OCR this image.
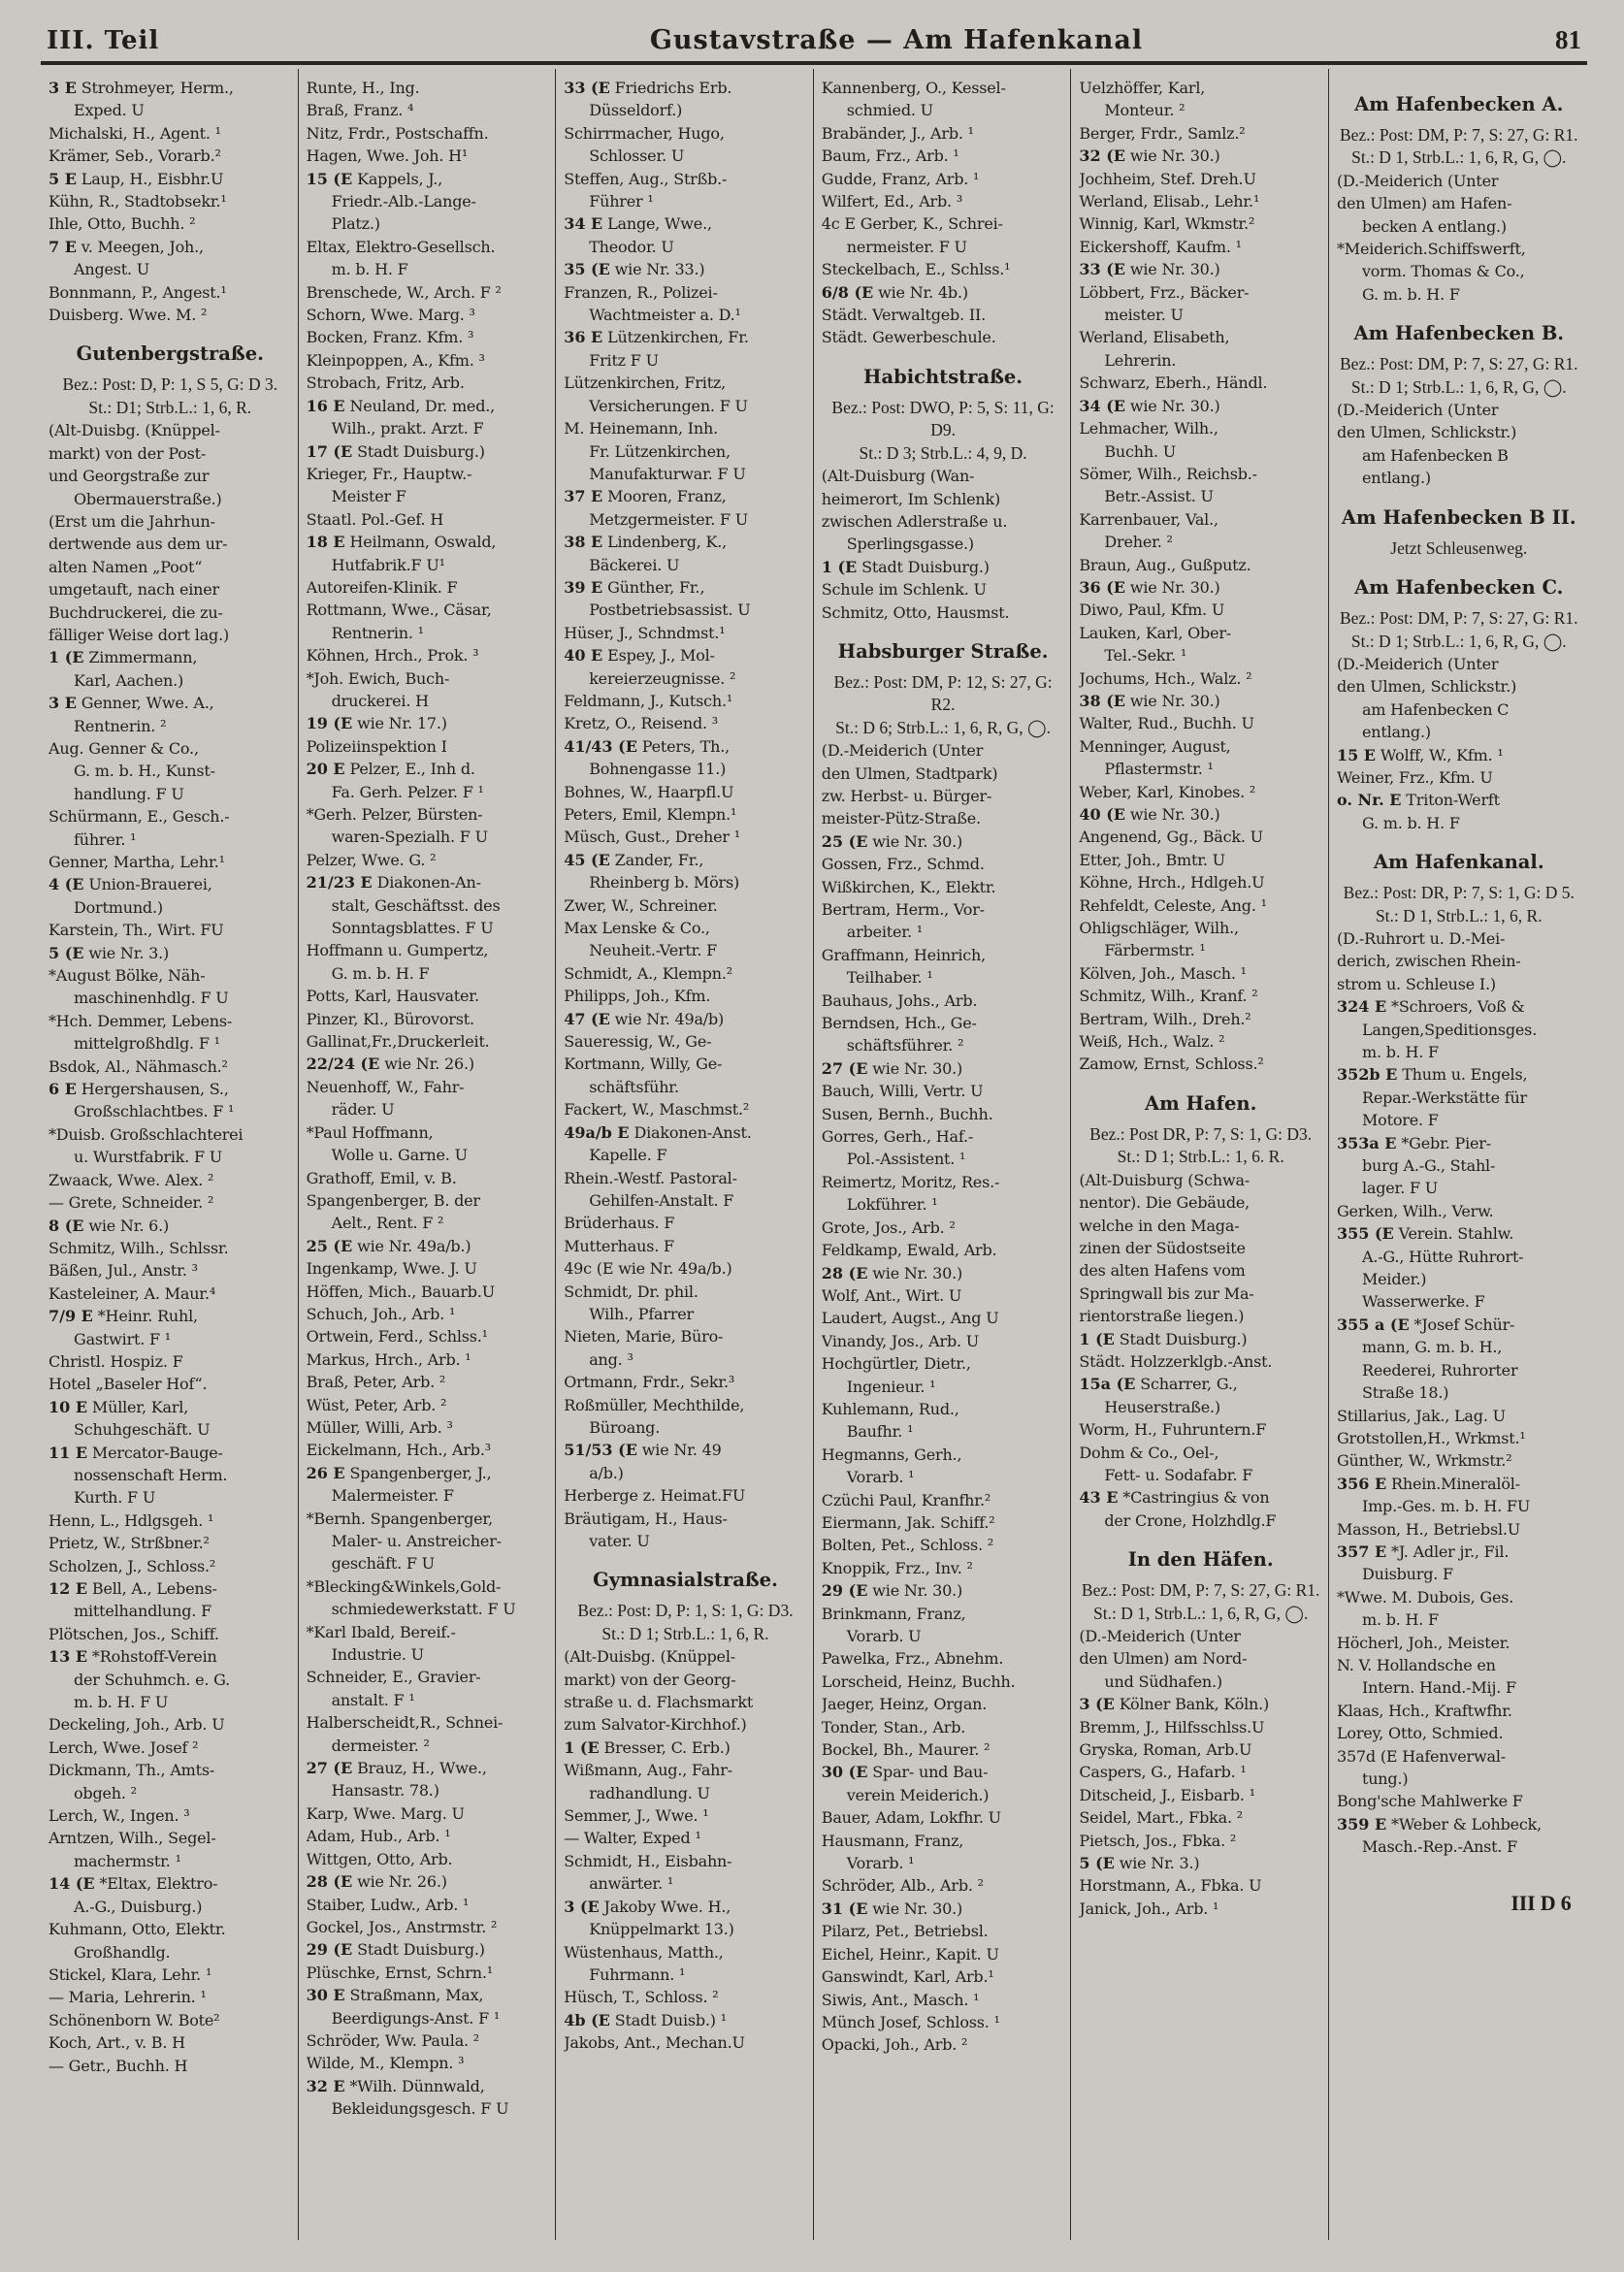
III. Teil	Gustavstraße — Am Hafenkanal	81
3 E Strohmeyer, Herm.,
Exped. U
Michalski, H., Agent. ¹
Krämer, Seb., Vorarb.²
5 E Laup, H., Eisbhr.U
Kühn, R., Stadtobsekr.¹
Ihle, Otto, Buchh. ²
7 E v. Meegen, Joh.,
Angest. U
Bonnmann, P., Angest.¹
Duisberg. Wwe. M. ²
Gutenbergstraße.
Bez.: Post: D, P: 1, S 5, G: D 3.
St.: D1; Strb.L.: 1, 6, R.
(Alt-Duisbg. (Knüppel-
markt) von der Post-
und Georgstraße zur
Obermauerstraße.)
(Erst um die Jahrhun-
dertwende aus dem ur-
alten Namen „Poot“
umgetauft, nach einer
Buchdruckerei, die zu-
fälliger Weise dort lag.)
1 (E Zimmermann,
Karl, Aachen.)
3 E Genner, Wwe. A.,
Rentnerin. ²
Aug. Genner & Co.,
G. m. b. H., Kunst-
handlung. F U
Schürmann, E., Gesch.-
führer. ¹
Genner, Martha, Lehr.¹
4 (E Union-Brauerei,
Dortmund.)
Karstein, Th., Wirt. FU
5 (E wie Nr. 3.)
*August Bölke, Näh-
maschinenhdlg. F U
*Hch. Demmer, Lebens-
mittelgroßhdlg. F ¹
Bsdok, Al., Nähmasch.²
6 E Hergershausen, S.,
Großschlachtbes. F ¹
*Duisb. Großschlachterei
u. Wurstfabrik. F U
Zwaack, Wwe. Alex. ²
— Grete, Schneider. ²
8 (E wie Nr. 6.)
Schmitz, Wilh., Schlssr.
Bäßen, Jul., Anstr. ³
Kasteleiner, A. Maur.⁴
7/9 E *Heinr. Ruhl,
Gastwirt. F ¹
Christl. Hospiz. F
Hotel „Baseler Hof“.
10 E Müller, Karl,
Schuhgeschäft. U
11 E Mercator-Bauge-
nossenschaft Herm.
Kurth. F U
Henn, L., Hdlgsgeh. ¹
Prietz, W., Strßbner.²
Scholzen, J., Schloss.²
12 E Bell, A., Lebens-
mittelhandlung. F
Plötschen, Jos., Schiff.
13 E *Rohstoff-Verein
der Schuhmch. e. G.
m. b. H. F U
Deckeling, Joh., Arb. U
Lerch, Wwe. Josef ²
Dickmann, Th., Amts-
obgeh. ²
Lerch, W., Ingen. ³
Arntzen, Wilh., Segel-
machermstr. ¹
14 (E *Eltax, Elektro-
A.-G., Duisburg.)
Kuhmann, Otto, Elektr.
Großhandlg.
Stickel, Klara, Lehr. ¹
— Maria, Lehrerin. ¹
Schönenborn W. Bote²
Koch, Art., v. B. H
— Getr., Buchh. H
Runte, H., Ing.
Braß, Franz. ⁴
Nitz, Frdr., Postschaffn.
Hagen, Wwe. Joh. H¹
15 (E Kappels, J.,
Friedr.-Alb.-Lange-
Platz.)
Eltax, Elektro-Gesellsch.
m. b. H. F
Brenschede, W., Arch. F ²
Schorn, Wwe. Marg. ³
Bocken, Franz. Kfm. ³
Kleinpoppen, A., Kfm. ³
Strobach, Fritz, Arb.
16 E Neuland, Dr. med.,
Wilh., prakt. Arzt. F
17 (E Stadt Duisburg.)
Krieger, Fr., Hauptw.-
Meister F
Staatl. Pol.-Gef. H
18 E Heilmann, Oswald,
Hutfabrik.F U¹
Autoreifen-Klinik. F
Rottmann, Wwe., Cäsar,
Rentnerin. ¹
Köhnen, Hrch., Prok. ³
*Joh. Ewich, Buch-
druckerei. H
19 (E wie Nr. 17.)
Polizeiinspektion I
20 E Pelzer, E., Inh d.
Fa. Gerh. Pelzer. F ¹
*Gerh. Pelzer, Bürsten-
waren-Spezialh. F U
Pelzer, Wwe. G. ²
21/23 E Diakonen-An-
stalt, Geschäftsst. des
Sonntagsblattes. F U
Hoffmann u. Gumpertz,
G. m. b. H. F
Potts, Karl, Hausvater.
Pinzer, Kl., Bürovorst.
Gallinat,Fr.,Druckerleit.
22/24 (E wie Nr. 26.)
Neuenhoff, W., Fahr-
räder. U
*Paul Hoffmann,
Wolle u. Garne. U
Grathoff, Emil, v. B.
Spangenberger, B. der
Aelt., Rent. F ²
25 (E wie Nr. 49a/b.)
Ingenkamp, Wwe. J. U
Höffen, Mich., Bauarb.U
Schuch, Joh., Arb. ¹
Ortwein, Ferd., Schlss.¹
Markus, Hrch., Arb. ¹
Braß, Peter, Arb. ²
Wüst, Peter, Arb. ²
Müller, Willi, Arb. ³
Eickelmann, Hch., Arb.³
26 E Spangenberger, J.,
Malermeister. F
*Bernh. Spangenberger,
Maler- u. Anstreicher-
geschäft. F U
*Blecking&Winkels,Gold-
schmiedewerkstatt. F U
*Karl Ibald, Bereif.-
Industrie. U
Schneider, E., Gravier-
anstalt. F ¹
Halberscheidt,R., Schnei-
dermeister. ²
27 (E Brauz, H., Wwe.,
Hansastr. 78.)
Karp, Wwe. Marg. U
Adam, Hub., Arb. ¹
Wittgen, Otto, Arb.
28 (E wie Nr. 26.)
Staiber, Ludw., Arb. ¹
Gockel, Jos., Anstrmstr. ²
29 (E Stadt Duisburg.)
Plüschke, Ernst, Schrn.¹
30 E Straßmann, Max,
Beerdigungs-Anst. F ¹
Schröder, Ww. Paula. ²
Wilde, M., Klempn. ³
32 E *Wilh. Dünnwald,
Bekleidungsgesch. F U
33 (E Friedrichs Erb.
Düsseldorf.)
Schirrmacher, Hugo,
Schlosser. U
Steffen, Aug., Strßb.-
Führer ¹
34 E Lange, Wwe.,
Theodor. U
35 (E wie Nr. 33.)
Franzen, R., Polizei-
Wachtmeister a. D.¹
36 E Lützenkirchen, Fr.
Fritz F U
Lützenkirchen, Fritz,
Versicherungen. F U
M. Heinemann, Inh.
Fr. Lützenkirchen,
Manufakturwar. F U
37 E Mooren, Franz,
Metzgermeister. F U
38 E Lindenberg, K.,
Bäckerei. U
39 E Günther, Fr.,
Postbetriebsassist. U
Hüser, J., Schndmst.¹
40 E Espey, J., Mol-
kereierzeugnisse. ²
Feldmann, J., Kutsch.¹
Kretz, O., Reisend. ³
41/43 (E Peters, Th.,
Bohnengasse 11.)
Bohnes, W., Haarpfl.U
Peters, Emil, Klempn.¹
Müsch, Gust., Dreher ¹
45 (E Zander, Fr.,
Rheinberg b. Mörs)
Zwer, W., Schreiner.
Max Lenske & Co.,
Neuheit.-Vertr. F
Schmidt, A., Klempn.²
Philipps, Joh., Kfm.
47 (E wie Nr. 49a/b)
Saueressig, W., Ge-
Kortmann, Willy, Ge-
schäftsführ.
Fackert, W., Maschmst.²
49a/b E Diakonen-Anst.
Kapelle. F
Rhein.-Westf. Pastoral-
Gehilfen-Anstalt. F
Brüderhaus. F
Mutterhaus. F
49c (E wie Nr. 49a/b.)
Schmidt, Dr. phil.
Wilh., Pfarrer
Nieten, Marie, Büro-
ang. ³
Ortmann, Frdr., Sekr.³
Roßmüller, Mechthilde,
Büroang.
51/53 (E wie Nr. 49
a/b.)
Herberge z. Heimat.FU
Bräutigam, H., Haus-
vater. U
Gymnasialstraße.
Bez.: Post: D, P: 1, S: 1, G: D3.
St.: D 1; Strb.L.: 1, 6, R.
(Alt-Duisbg. (Knüppel-
markt) von der Georg-
straße u. d. Flachsmarkt
zum Salvator-Kirchhof.)
1 (E Bresser, C. Erb.)
Wißmann, Aug., Fahr-
radhandlung. U
Semmer, J., Wwe. ¹
— Walter, Exped ¹
Schmidt, H., Eisbahn-
anwärter. ¹
3 (E Jakoby Wwe. H.,
Knüppelmarkt 13.)
Wüstenhaus, Matth.,
Fuhrmann. ¹
Hüsch, T., Schloss. ²
4b (E Stadt Duisb.) ¹
Jakobs, Ant., Mechan.U
Kannenberg, O., Kessel-
schmied. U
Brabänder, J., Arb. ¹
Baum, Frz., Arb. ¹
Gudde, Franz, Arb. ¹
Wilfert, Ed., Arb. ³
4c E Gerber, K., Schrei-
nermeister. F U
Steckelbach, E., Schlss.¹
6/8 (E wie Nr. 4b.)
Städt. Verwaltgeb. II.
Städt. Gewerbeschule.
Habichtstraße.
Bez.: Post: DWO, P: 5, S: 11, G: D9.
St.: D 3; Strb.L.: 4, 9, D.
(Alt-Duisburg (Wan-
heimerort, Im Schlenk)
zwischen Adlerstraße u.
Sperlingsgasse.)
1 (E Stadt Duisburg.)
Schule im Schlenk. U
Schmitz, Otto, Hausmst.
Habsburger Straße.
Bez.: Post: DM, P: 12, S: 27, G: R2.
St.: D 6; Strb.L.: 1, 6, R, G, ◯.
(D.-Meiderich (Unter
den Ulmen, Stadtpark)
zw. Herbst- u. Bürger-
meister-Pütz-Straße.
25 (E wie Nr. 30.)
Gossen, Frz., Schmd.
Wißkirchen, K., Elektr.
Bertram, Herm., Vor-
arbeiter. ¹
Graffmann, Heinrich,
Teilhaber. ¹
Bauhaus, Johs., Arb.
Berndsen, Hch., Ge-
schäftsführer. ²
27 (E wie Nr. 30.)
Bauch, Willi, Vertr. U
Susen, Bernh., Buchh.
Gorres, Gerh., Haf.-
Pol.-Assistent. ¹
Reimertz, Moritz, Res.-
Lokführer. ¹
Grote, Jos., Arb. ²
Feldkamp, Ewald, Arb.
28 (E wie Nr. 30.)
Wolf, Ant., Wirt. U
Laudert, Augst., Ang U
Vinandy, Jos., Arb. U
Hochgürtler, Dietr.,
Ingenieur. ¹
Kuhlemann, Rud.,
Baufhr. ¹
Hegmanns, Gerh.,
Vorarb. ¹
Czüchi Paul, Kranfhr.²
Eiermann, Jak. Schiff.²
Bolten, Pet., Schloss. ²
Knoppik, Frz., Inv. ²
29 (E wie Nr. 30.)
Brinkmann, Franz,
Vorarb. U
Pawelka, Frz., Abnehm.
Lorscheid, Heinz, Buchh.
Jaeger, Heinz, Organ.
Tonder, Stan., Arb.
Bockel, Bh., Maurer. ²
30 (E Spar- und Bau-
verein Meiderich.)
Bauer, Adam, Lokfhr. U
Hausmann, Franz,
Vorarb. ¹
Schröder, Alb., Arb. ²
31 (E wie Nr. 30.)
Pilarz, Pet., Betriebsl.
Eichel, Heinr., Kapit. U
Ganswindt, Karl, Arb.¹
Siwis, Ant., Masch. ¹
Münch Josef, Schloss. ¹
Opacki, Joh., Arb. ²
Uelzhöffer, Karl,
Monteur. ²
Berger, Frdr., Samlz.²
32 (E wie Nr. 30.)
Jochheim, Stef. Dreh.U
Werland, Elisab., Lehr.¹
Winnig, Karl, Wkmstr.²
Eickershoff, Kaufm. ¹
33 (E wie Nr. 30.)
Löbbert, Frz., Bäcker-
meister. U
Werland, Elisabeth,
Lehrerin.
Schwarz, Eberh., Händl.
34 (E wie Nr. 30.)
Lehmacher, Wilh.,
Buchh. U
Sömer, Wilh., Reichsb.-
Betr.-Assist. U
Karrenbauer, Val.,
Dreher. ²
Braun, Aug., Gußputz.
36 (E wie Nr. 30.)
Diwo, Paul, Kfm. U
Lauken, Karl, Ober-
Tel.-Sekr. ¹
Jochums, Hch., Walz. ²
38 (E wie Nr. 30.)
Walter, Rud., Buchh. U
Menninger, August,
Pflastermstr. ¹
Weber, Karl, Kinobes. ²
40 (E wie Nr. 30.)
Angenend, Gg., Bäck. U
Etter, Joh., Bmtr. U
Köhne, Hrch., Hdlgeh.U
Rehfeldt, Celeste, Ang. ¹
Ohligschläger, Wilh.,
Färbermstr. ¹
Kölven, Joh., Masch. ¹
Schmitz, Wilh., Kranf. ²
Bertram, Wilh., Dreh.²
Weiß, Hch., Walz. ²
Zamow, Ernst, Schloss.²
Am Hafen.
Bez.: Post DR, P: 7, S: 1, G: D3.
St.: D 1; Strb.L.: 1, 6. R.
(Alt-Duisburg (Schwa-
nentor). Die Gebäude,
welche in den Maga-
zinen der Südostseite
des alten Hafens vom
Springwall bis zur Ma-
rientorstraße liegen.)
1 (E Stadt Duisburg.)
Städt. Holzzerklgb.-Anst.
15a (E Scharrer, G.,
Heuserstraße.)
Worm, H., Fuhruntern.F
Dohm & Co., Oel-,
Fett- u. Sodafabr. F
43 E *Castringius & von
der Crone, Holzhdlg.F
In den Häfen.
Bez.: Post: DM, P: 7, S: 27, G: R1.
St.: D 1, Strb.L.: 1, 6, R, G, ◯.
(D.-Meiderich (Unter
den Ulmen) am Nord-
und Südhafen.)
3 (E Kölner Bank, Köln.)
Bremm, J., Hilfsschlss.U
Gryska, Roman, Arb.U
Caspers, G., Hafarb. ¹
Ditscheid, J., Eisbarb. ¹
Seidel, Mart., Fbka. ²
Pietsch, Jos., Fbka. ²
5 (E wie Nr. 3.)
Horstmann, A., Fbka. U
Janick, Joh., Arb. ¹
Am Hafenbecken A.
Bez.: Post: DM, P: 7, S: 27, G: R1.
St.: D 1, Strb.L.: 1, 6, R, G, ◯.
(D.-Meiderich (Unter
den Ulmen) am Hafen-
becken A entlang.)
*Meiderich.Schiffswerft,
vorm. Thomas & Co.,
G. m. b. H. F
Am Hafenbecken B.
Bez.: Post: DM, P: 7, S: 27, G: R1.
St.: D 1; Strb.L.: 1, 6, R, G, ◯.
(D.-Meiderich (Unter
den Ulmen, Schlickstr.)
am Hafenbecken B
entlang.)
Am Hafenbecken B II.
Jetzt Schleusenweg.
Am Hafenbecken C.
Bez.: Post: DM, P: 7, S: 27, G: R1.
St.: D 1; Strb.L.: 1, 6, R, G, ◯.
(D.-Meiderich (Unter
den Ulmen, Schlickstr.)
am Hafenbecken C
entlang.)
15 E Wolff, W., Kfm. ¹
Weiner, Frz., Kfm. U
o. Nr. E Triton-Werft
G. m. b. H. F
Am Hafenkanal.
Bez.: Post: DR, P: 7, S: 1, G: D 5.
St.: D 1, Strb.L.: 1, 6, R.
(D.-Ruhrort u. D.-Mei-
derich, zwischen Rhein-
strom u. Schleuse I.)
324 E *Schroers, Voß &
Langen,Speditionsges.
m. b. H. F
352b E Thum u. Engels,
Repar.-Werkstätte für
Motore. F
353a E *Gebr. Pier-
burg A.-G., Stahl-
lager. F U
Gerken, Wilh., Verw.
355 (E Verein. Stahlw.
A.-G., Hütte Ruhrort-
Meider.)
Wasserwerke. F
355 a (E *Josef Schür-
mann, G. m. b. H.,
Reederei, Ruhrorter
Straße 18.)
Stillarius, Jak., Lag. U
Grotstollen,H., Wrkmst.¹
Günther, W., Wrkmstr.²
356 E Rhein.Mineralöl-
Imp.-Ges. m. b. H. FU
Masson, H., Betriebsl.U
357 E *J. Adler jr., Fil.
Duisburg. F
*Wwe. M. Dubois, Ges.
m. b. H. F
Höcherl, Joh., Meister.
N. V. Hollandsche en
Intern. Hand.-Mij. F
Klaas, Hch., Kraftwfhr.
Lorey, Otto, Schmied.
357d (E Hafenverwal-
tung.)
Bong'sche Mahlwerke F
359 E *Weber & Lohbeck,
Masch.-Rep.-Anst. F
III D 6
